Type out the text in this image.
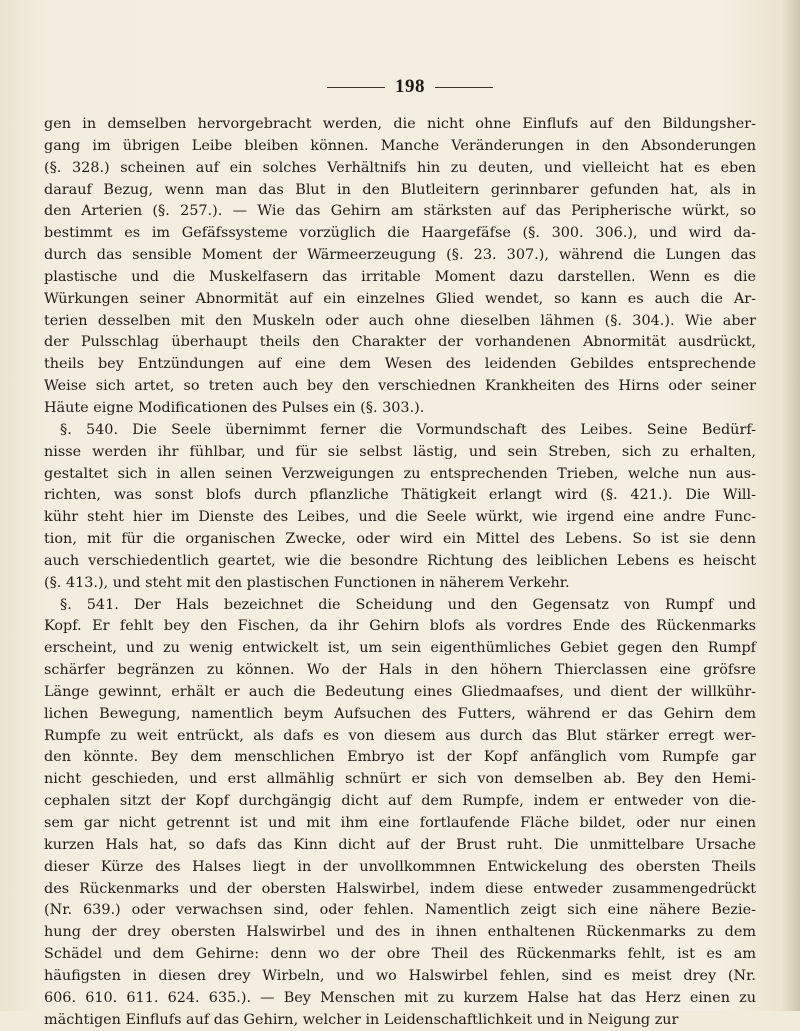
198
gen in demselben hervorgebracht werden, die nicht ohne Einflufs auf den Bildungsher-
gang im übrigen Leibe bleiben können. Manche Veränderungen in den Absonderungen
(§. 328.) scheinen auf ein solches Verhältnifs hin zu deuten, und vielleicht hat es eben
darauf Bezug, wenn man das Blut in den Blutleitern gerinnbarer gefunden hat, als in
den Arterien (§. 257.). — Wie das Gehirn am stärksten auf das Peripherische würkt, so
bestimmt es im Gefäfssysteme vorzüglich die Haargefäfse (§. 300. 306.), und wird da-
durch das sensible Moment der Wärmeerzeugung (§. 23. 307.), während die Lungen das
plastische und die Muskelfasern das irritable Moment dazu darstellen. Wenn es die
Würkungen seiner Abnormität auf ein einzelnes Glied wendet, so kann es auch die Ar-
terien desselben mit den Muskeln oder auch ohne dieselben lähmen (§. 304.). Wie aber
der Pulsschlag überhaupt theils den Charakter der vorhandenen Abnormität ausdrückt,
theils bey Entzündungen auf eine dem Wesen des leidenden Gebildes entsprechende
Weise sich artet, so treten auch bey den verschiednen Krankheiten des Hirns oder seiner
Häute eigne Modificationen des Pulses ein (§. 303.).
§. 540. Die Seele übernimmt ferner die Vormundschaft des Leibes. Seine Bedürf-
nisse werden ihr fühlbar, und für sie selbst lästig, und sein Streben, sich zu erhalten,
gestaltet sich in allen seinen Verzweigungen zu entsprechenden Trieben, welche nun aus-
richten, was sonst blofs durch pflanzliche Thätigkeit erlangt wird (§. 421.). Die Will-
kühr steht hier im Dienste des Leibes, und die Seele würkt, wie irgend eine andre Func-
tion, mit für die organischen Zwecke, oder wird ein Mittel des Lebens. So ist sie denn
auch verschiedentlich geartet, wie die besondre Richtung des leiblichen Lebens es heischt
(§. 413.), und steht mit den plastischen Functionen in näherem Verkehr.
§. 541. Der Hals bezeichnet die Scheidung und den Gegensatz von Rumpf und
Kopf. Er fehlt bey den Fischen, da ihr Gehirn blofs als vordres Ende des Rückenmarks
erscheint, und zu wenig entwickelt ist, um sein eigenthümliches Gebiet gegen den Rumpf
schärfer begränzen zu können. Wo der Hals in den höhern Thierclassen eine gröfsre
Länge gewinnt, erhält er auch die Bedeutung eines Gliedmaafses, und dient der willkühr-
lichen Bewegung, namentlich beym Aufsuchen des Futters, während er das Gehirn dem
Rumpfe zu weit entrückt, als dafs es von diesem aus durch das Blut stärker erregt wer-
den könnte. Bey dem menschlichen Embryo ist der Kopf anfänglich vom Rumpfe gar
nicht geschieden, und erst allmählig schnürt er sich von demselben ab. Bey den Hemi-
cephalen sitzt der Kopf durchgängig dicht auf dem Rumpfe, indem er entweder von die-
sem gar nicht getrennt ist und mit ihm eine fortlaufende Fläche bildet, oder nur einen
kurzen Hals hat, so dafs das Kinn dicht auf der Brust ruht. Die unmittelbare Ursache
dieser Kürze des Halses liegt in der unvollkommnen Entwickelung des obersten Theils
des Rückenmarks und der obersten Halswirbel, indem diese entweder zusammengedrückt
(Nr. 639.) oder verwachsen sind, oder fehlen. Namentlich zeigt sich eine nähere Bezie-
hung der drey obersten Halswirbel und des in ihnen enthaltenen Rückenmarks zu dem
Schädel und dem Gehirne: denn wo der obre Theil des Rückenmarks fehlt, ist es am
häufigsten in diesen drey Wirbeln, und wo Halswirbel fehlen, sind es meist drey (Nr.
606. 610. 611. 624. 635.). — Bey Menschen mit zu kurzem Halse hat das Herz einen zu
mächtigen Einflufs auf das Gehirn, welcher in Leidenschaftlichkeit und in Neigung zur
